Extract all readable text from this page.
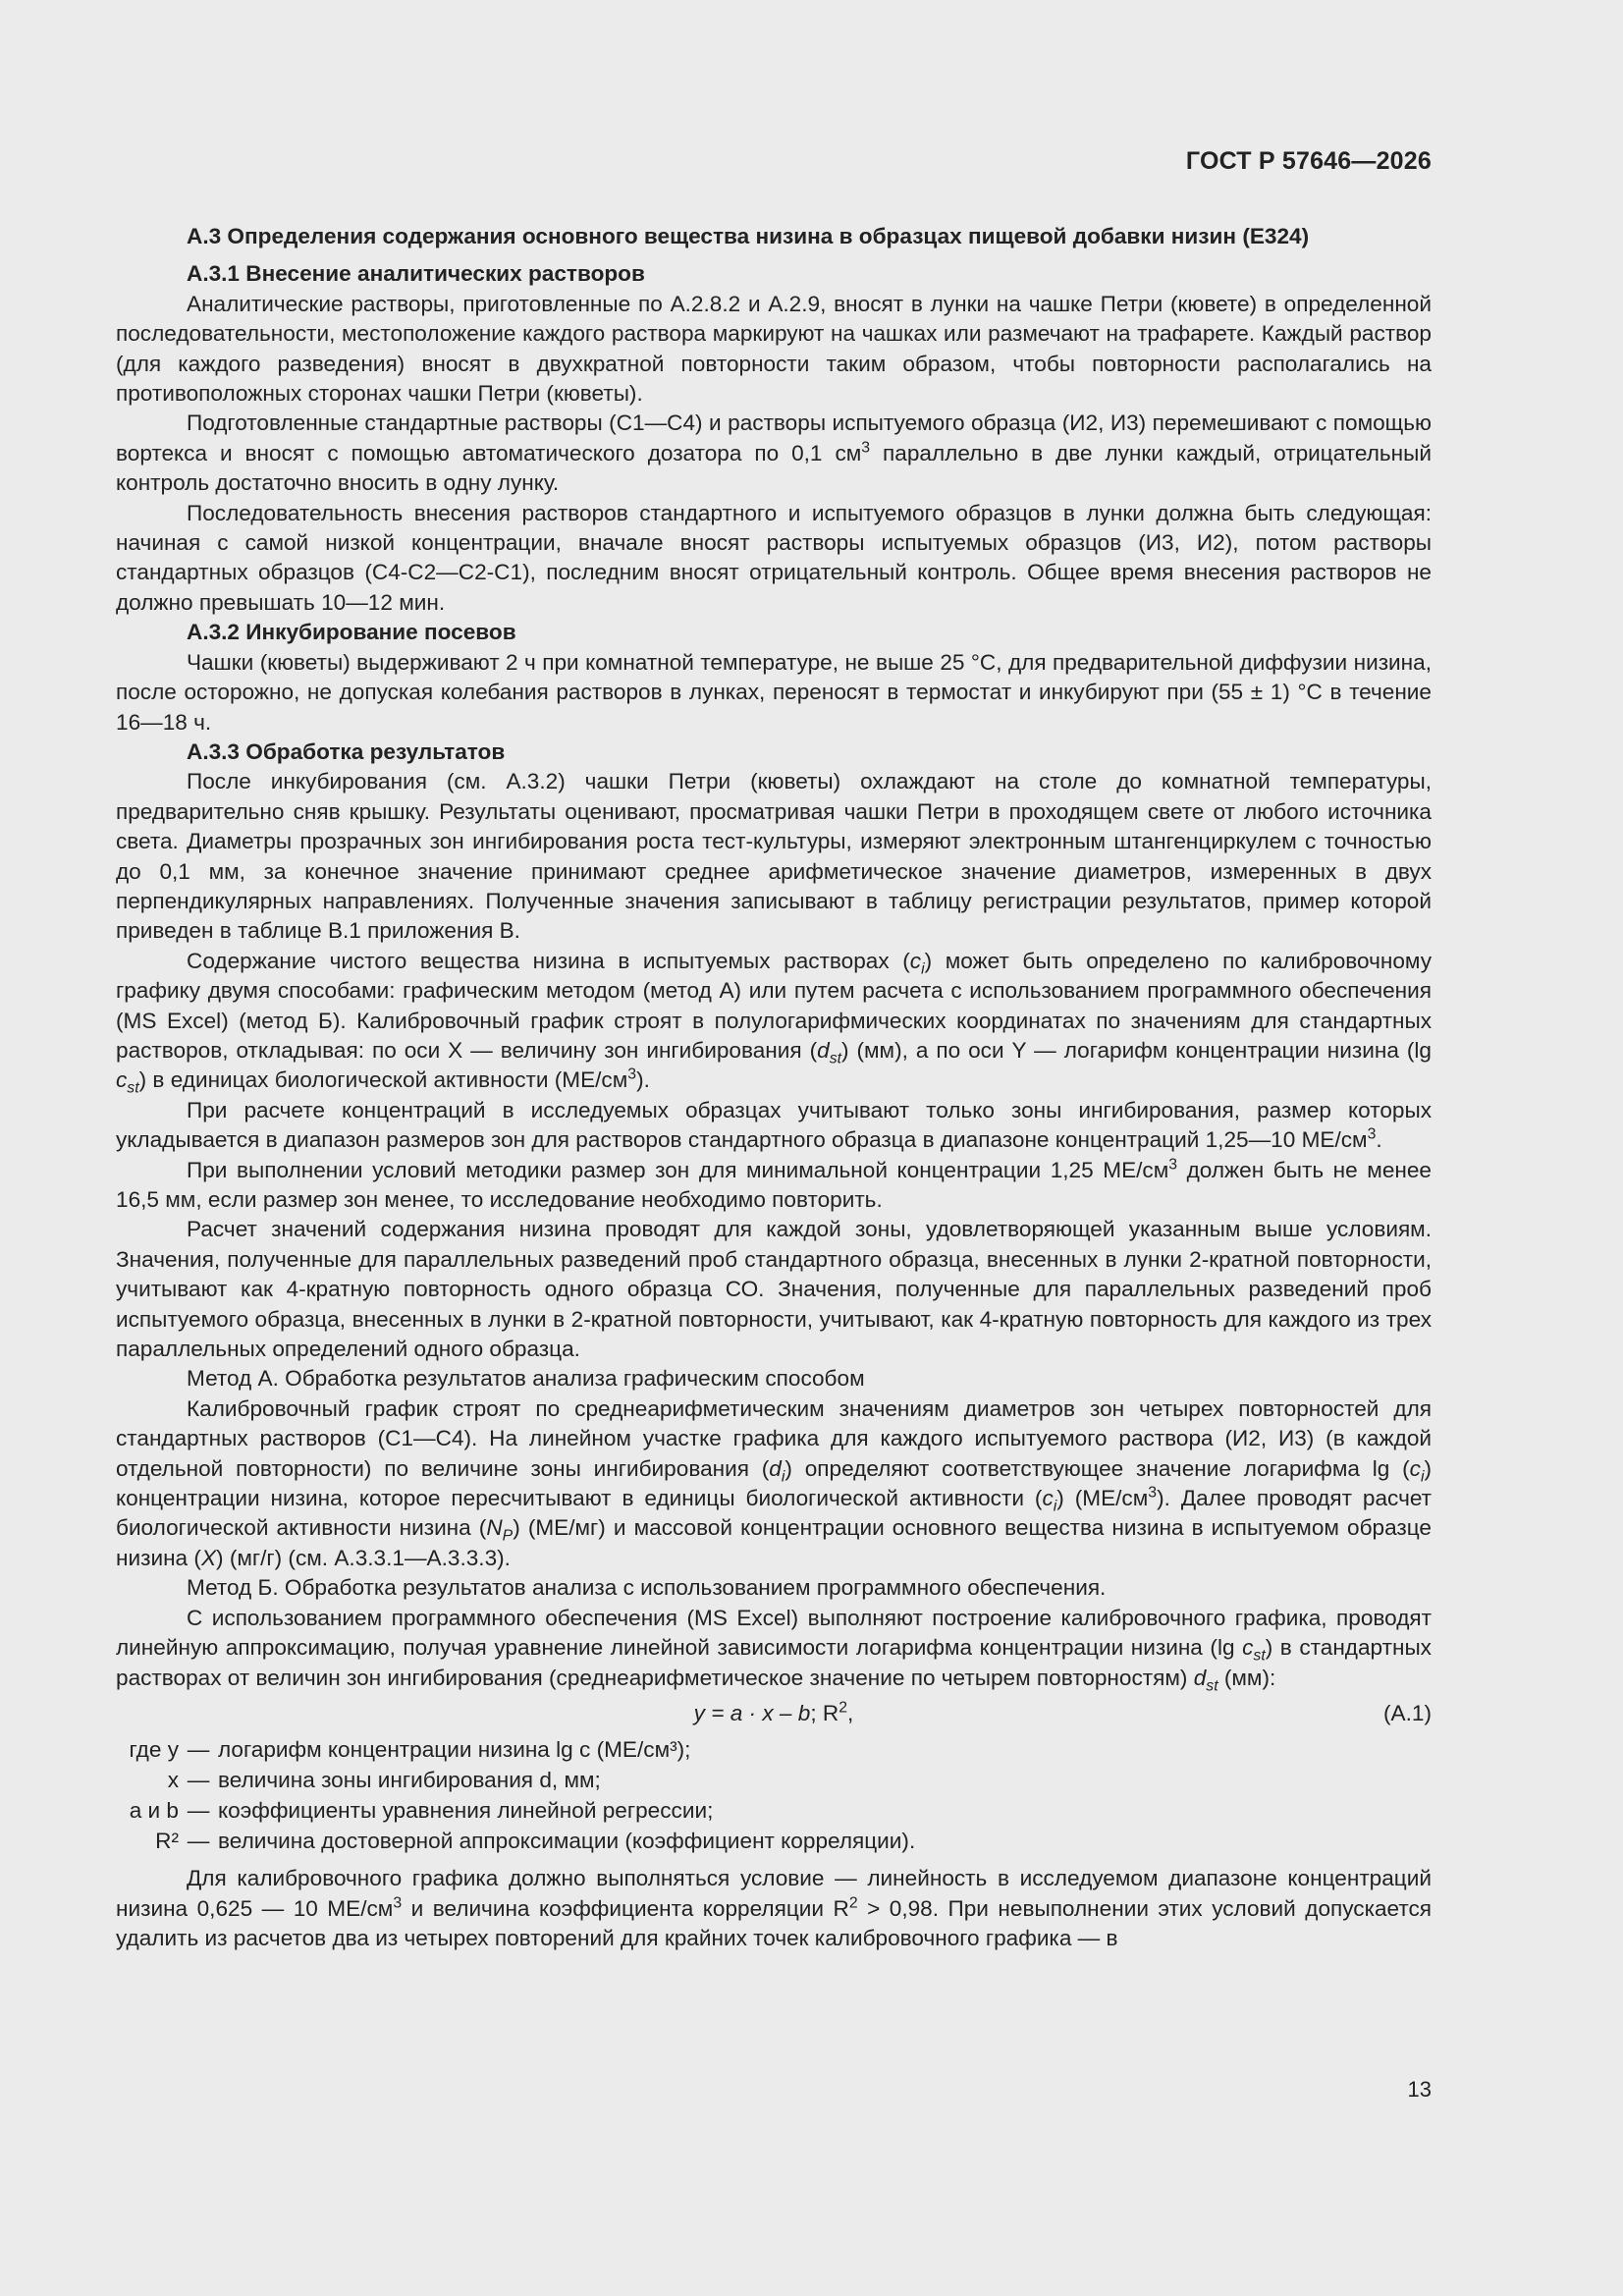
ГОСТ Р 57646—2026
А.3 Определения содержания основного вещества низина в образцах пищевой добавки низин (Е324)
А.3.1 Внесение аналитических растворов

Аналитические растворы, приготовленные по А.2.8.2 и А.2.9, вносят в лунки на чашке Петри (кювете) в определенной последовательности, местоположение каждого раствора маркируют на чашках или размечают на трафарете. Каждый раствор (для каждого разведения) вносят в двухкратной повторности таким образом, чтобы повторности располагались на противоположных сторонах чашки Петри (кюветы).

Подготовленные стандартные растворы (С1—С4) и растворы испытуемого образца (И2, И3) перемешивают с помощью вортекса и вносят с помощью автоматического дозатора по 0,1 $см^3$ параллельно в две лунки каждый, отрицательный контроль достаточно вносить в одну лунку.

Последовательность внесения растворов стандартного и испытуемого образцов в лунки должна быть следующая: начиная с самой низкой концентрации, вначале вносят растворы испытуемых образцов (И3, И2), потом растворы стандартных образцов (С4-С2—С2-С1), последним вносят отрицательный контроль. Общее время внесения растворов не должно превышать 10—12 мин.

А.3.2 Инкубирование посевов

Чашки (кюветы) выдерживают 2 ч при комнатной температуре, не выше 25 °С, для предварительной диффузии низина, после осторожно, не допуская колебания растворов в лунках, переносят в термостат и инкубируют при (55 ± 1) °С в течение 16—18 ч.

А.3.3 Обработка результатов

После инкубирования (см. А.3.2) чашки Петри (кюветы) охлаждают на столе до комнатной температуры, предварительно сняв крышку. Результаты оценивают, просматривая чашки Петри в проходящем свете от любого источника света. Диаметры прозрачных зон ингибирования роста тест-культуры, измеряют электронным штангенциркулем с точностью до 0,1 мм, за конечное значение принимают среднее арифметическое значение диаметров, измеренных в двух перпендикулярных направлениях. Полученные значения записывают в таблицу регистрации результатов, пример которой приведен в таблице В.1 приложения В.

Содержание чистого вещества низина в испытуемых растворах $(c_i)$ может быть определено по калибровочному графику двумя способами: графическим методом (метод А) или путем расчета с использованием программного обеспечения (MS Excel) (метод Б). Калибровочный график строят в полулогарифмических координатах по значениям для стандартных растворов, откладывая: по оси Х — величину зон ингибирования $(d_{st})$ (мм), а по оси Y — логарифм концентрации низина (lg $c_{st}$) в единицах биологической активности $(МЕ/см^3)$.

При расчете концентраций в исследуемых образцах учитывают только зоны ингибирования, размер которых укладывается в диапазон размеров зон для растворов стандартного образца в диапазоне концентраций 1,25—10 $МЕ/см^3$.

При выполнении условий методики размер зон для минимальной концентрации 1,25 $МЕ/см^3$ должен быть не менее 16,5 мм, если размер зон менее, то исследование необходимо повторить.

Расчет значений содержания низина проводят для каждой зоны, удовлетворяющей указанным выше условиям. Значения, полученные для параллельных разведений проб стандартного образца, внесенных в лунки 2-кратной повторности, учитывают как 4-кратную повторность одного образца СО. Значения, полученные для параллельных разведений проб испытуемого образца, внесенных в лунки в 2-кратной повторности, учитывают, как 4-кратную повторность для каждого из трех параллельных определений одного образца.

Метод А. Обработка результатов анализа графическим способом

Калибровочный график строят по среднеарифметическим значениям диаметров зон четырех повторностей для стандартных растворов (С1—С4). На линейном участке графика для каждого испытуемого раствора (И2, И3) (в каждой отдельной повторности) по величине зоны ингибирования $(d_i)$ определяют соответствующее значение логарифма $\lg (c_i)$ концентрации низина, которое пересчитывают в единицы биологической активности $(c_i)$ $(МЕ/см^3)$. Далее проводят расчет биологической активности низина $(N_P)$ (МЕ/мг) и массовой концентрации основного вещества низина в испытуемом образце низина (X) (мг/г) (см. А.3.3.1—А.3.3.3).

Метод Б. Обработка результатов анализа с использованием программного обеспечения.

С использованием программного обеспечения (MS Excel) выполняют построение калибровочного графика, проводят линейную аппроксимацию, получая уравнение линейной зависимости логарифма концентрации низина (lg $c_{st}$) в стандартных растворах от величин зон ингибирования (среднеарифметическое значение по четырем повторностям) $d_{st}$ (мм):

y = a · x – b; $R^2$,	(А.1)
где y — логарифм концентрации низина lg c (МЕ/см³);
x — величина зоны ингибирования d, мм;
a и b — коэффициенты уравнения линейной регрессии;
R² — величина достоверной аппроксимации (коэффициент корреляции).

Для калибровочного графика должно выполняться условие — линейность в исследуемом диапазоне концентраций низина 0,625 — 10 $МЕ/см^3$ и величина коэффициента корреляции $R^2 > 0,98$. При невыполнении этих условий допускается удалить из расчетов два из четырех повторений для крайних точек калибровочного графика — в

13
